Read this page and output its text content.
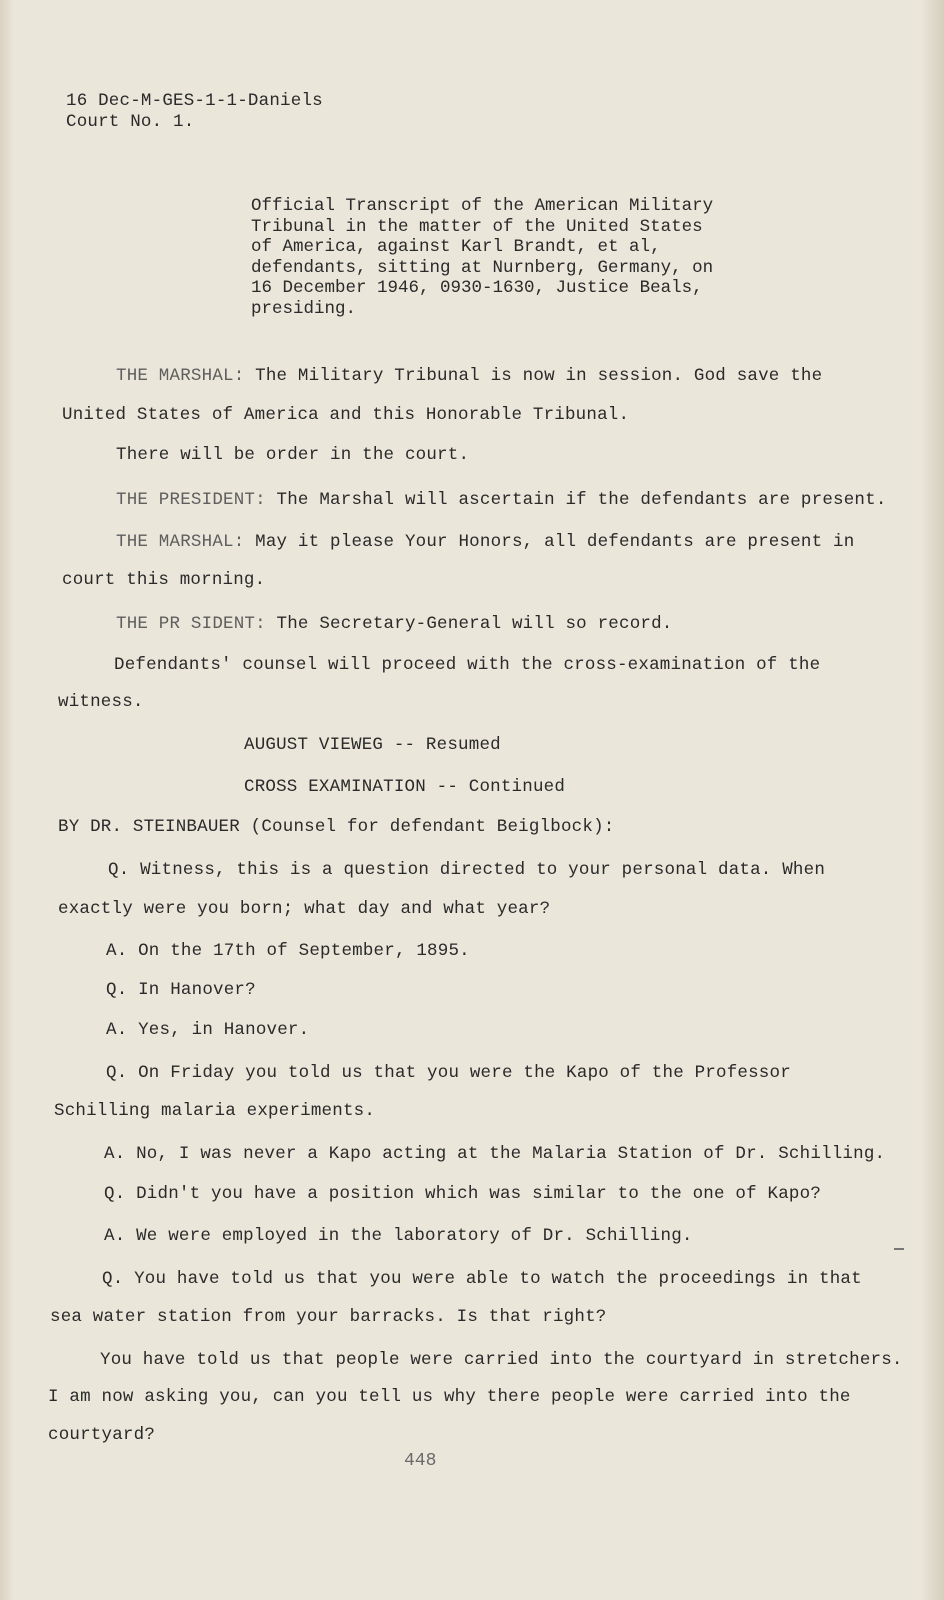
16 Dec-M-GES-1-1-Daniels
Court No. 1.
Official Transcript of the American Military
Tribunal in the matter of the United States
of America, against Karl Brandt, et al,
defendants, sitting at Nurnberg, Germany, on
16 December 1946, 0930-1630, Justice Beals,
presiding.
THE MARSHAL: The Military Tribunal is now in session. God save the
United States of America and this Honorable Tribunal.
There will be order in the court.
THE PRESIDENT: The Marshal will ascertain if the defendants are present.
THE MARSHAL: May it please Your Honors, all defendants are present in
court this morning.
THE PR SIDENT: The Secretary-General will so record.
Defendants' counsel will proceed with the cross-examination of the
witness.
AUGUST VIEWEG -- Resumed
CROSS EXAMINATION -- Continued
BY DR. STEINBAUER (Counsel for defendant Beiglbock):
Q. Witness, this is a question directed to your personal data. When
exactly were you born; what day and what year?
A. On the 17th of September, 1895.
Q. In Hanover?
A. Yes, in Hanover.
Q. On Friday you told us that you were the Kapo of the Professor
Schilling malaria experiments.
A. No, I was never a Kapo acting at the Malaria Station of Dr. Schilling.
Q. Didn't you have a position which was similar to the one of Kapo?
A. We were employed in the laboratory of Dr. Schilling.
Q. You have told us that you were able to watch the proceedings in that
sea water station from your barracks. Is that right?
You have told us that people were carried into the courtyard in stretchers.
I am now asking you, can you tell us why there people were carried into the
courtyard?
448
